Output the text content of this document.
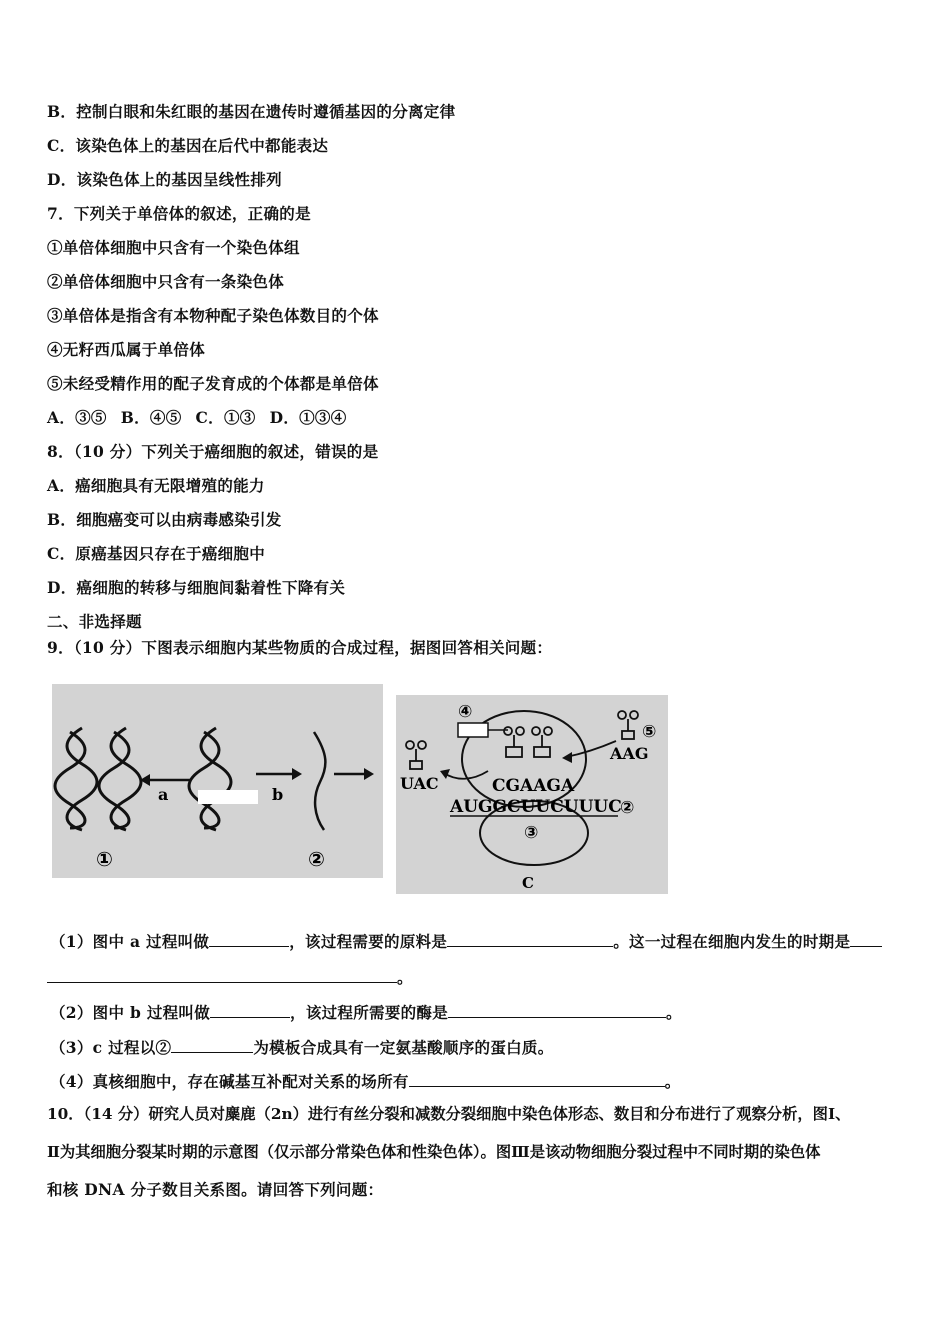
B．控制白眼和朱红眼的基因在遗传时遵循基因的分离定律
C．该染色体上的基因在后代中都能表达
D．该染色体上的基因呈线性排列
7．下列关于单倍体的叙述，正确的是
①单倍体细胞中只含有一个染色体组
②单倍体细胞中只含有一条染色体
③单倍体是指含有本物种配子染色体数目的个体
④无籽西瓜属于单倍体
⑤未经受精作用的配子发育成的个体都是单倍体
A．③⑤ B．④⑤ C．①③ D．①③④
8．（10 分）下列关于癌细胞的叙述，错误的是
A．癌细胞具有无限增殖的能力
B．细胞癌变可以由病毒感染引发
C．原癌基因只存在于癌细胞中
D．癌细胞的转移与细胞间黏着性下降有关
二、非选择题
9．（10 分）下图表示细胞内某些物质的合成过程，据图回答相关问题：
a	b
①	②
④
UAC
⑤
AAG
CGAAGA
AUGGCUUCUUUC
②
③
C
（1）图中 a 过程叫做	，该过程需要的原料是	。这一过程在细胞内发生的时期是
。
（2）图中 b 过程叫做	，该过程所需要的酶是	。
（3）c 过程以②	为模板合成具有一定氨基酸顺序的蛋白质。
（4）真核细胞中，存在碱基互补配对关系的场所有	。
10．（14 分）研究人员对麋鹿（2n）进行有丝分裂和减数分裂细胞中染色体形态、数目和分布进行了观察分析，图Ⅰ、
Ⅱ为其细胞分裂某时期的示意图（仅示部分常染色体和性染色体）。图Ⅲ是该动物细胞分裂过程中不同时期的染色体
和核 DNA 分子数目关系图。请回答下列问题：
